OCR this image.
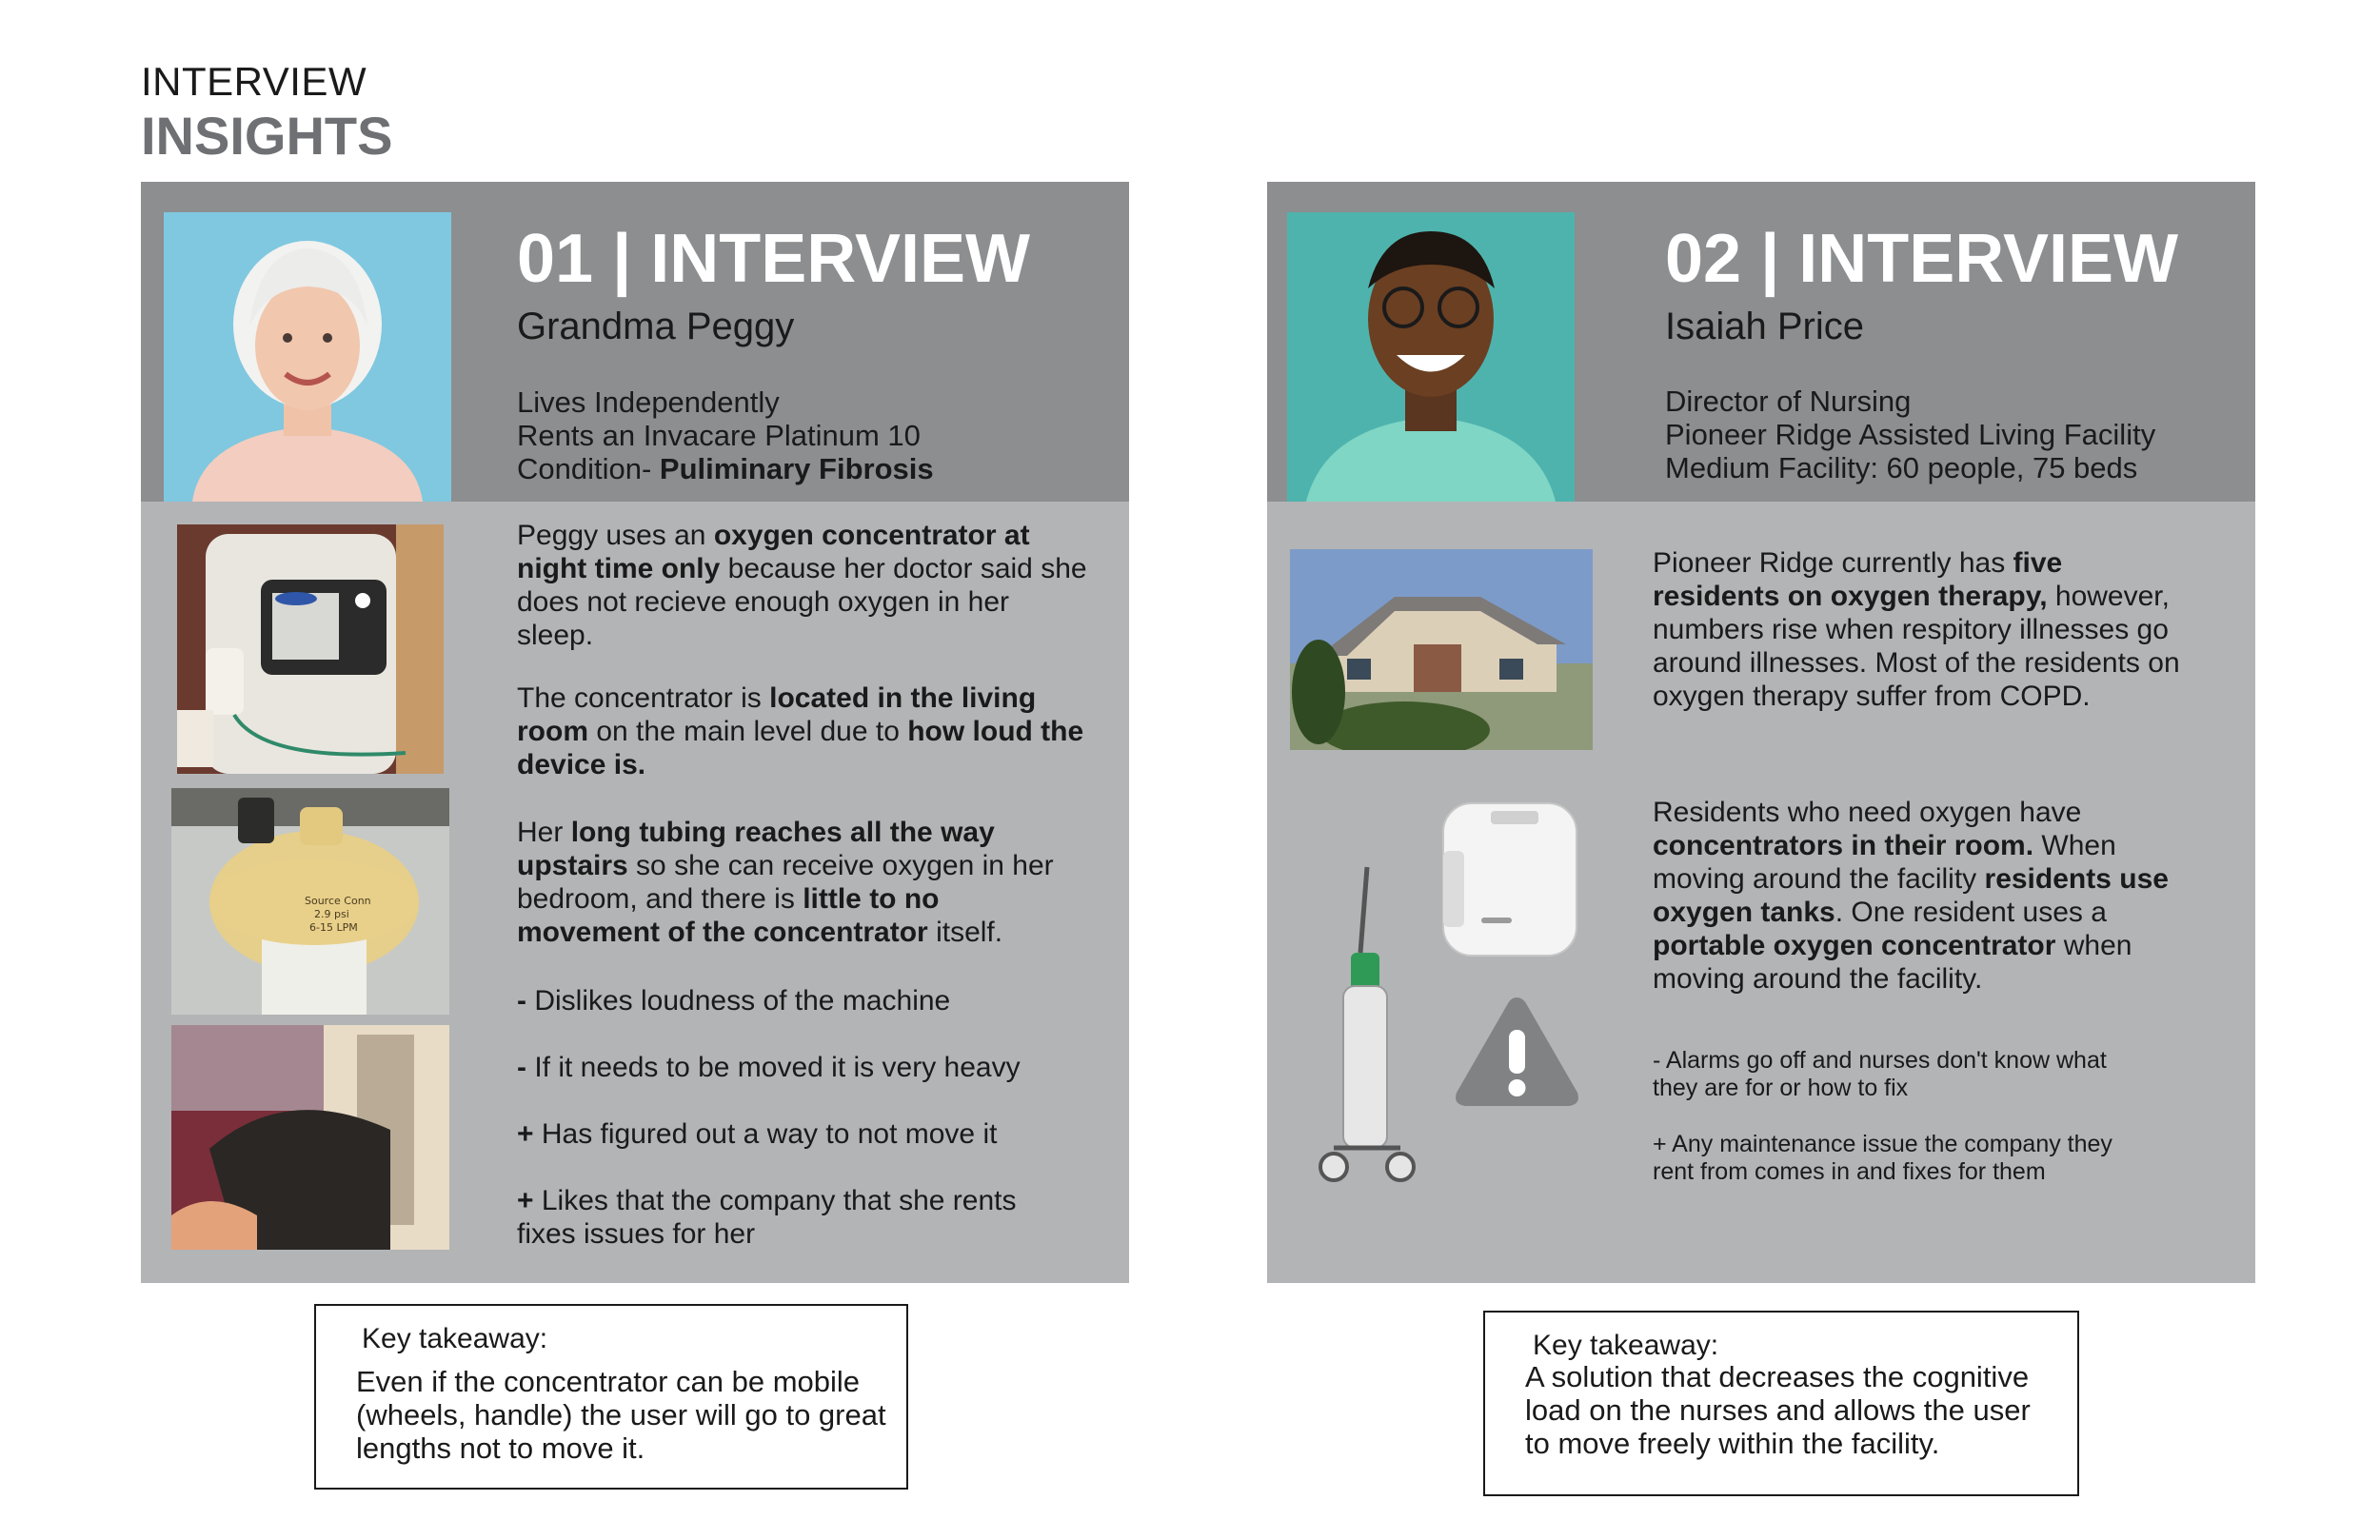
INTERVIEW
INSIGHTS
01 | INTERVIEW
Grandma Peggy
Lives Independently
Rents an Invacare Platinum 10
Condition- Puliminary Fibrosis
Source Conn
2.9 psi
6-15 LPM
Peggy uses an oxygen concentrator at night time only because her doctor said she does not recieve enough oxygen in her sleep.
The concentrator is located in the living room on the main level due to how loud the device is.
Her long tubing reaches all the way upstairs so she can receive oxygen in her bedroom, and there is little to no movement of the concentrator itself.
- Dislikes loudness of the machine
- If it needs to be moved it is very heavy
+ Has figured out a way to not move it
+ Likes that the company that she rents fixes issues for her
02 | INTERVIEW
Isaiah Price
Director of Nursing
Pioneer Ridge Assisted Living Facility
Medium Facility: 60 people, 75 beds
Pioneer Ridge currently has five residents on oxygen therapy, however, numbers rise when respitory illnesses go around illnesses. Most of the residents on oxygen therapy suffer from COPD.
Residents who need oxygen have concentrators in their room. When moving around the facility residents use oxygen tanks. One resident uses a portable oxygen concentrator when moving around the facility.
- Alarms go off and nurses don't know what they are for or how to fix
+ Any maintenance issue the company they rent from comes in and fixes for them
Key takeaway:
Even if the concentrator can be mobile (wheels, handle) the user will go to great lengths not to move it.
Key takeaway:
A solution that decreases the cognitive load on the nurses and allows the user to move freely within the facility.
